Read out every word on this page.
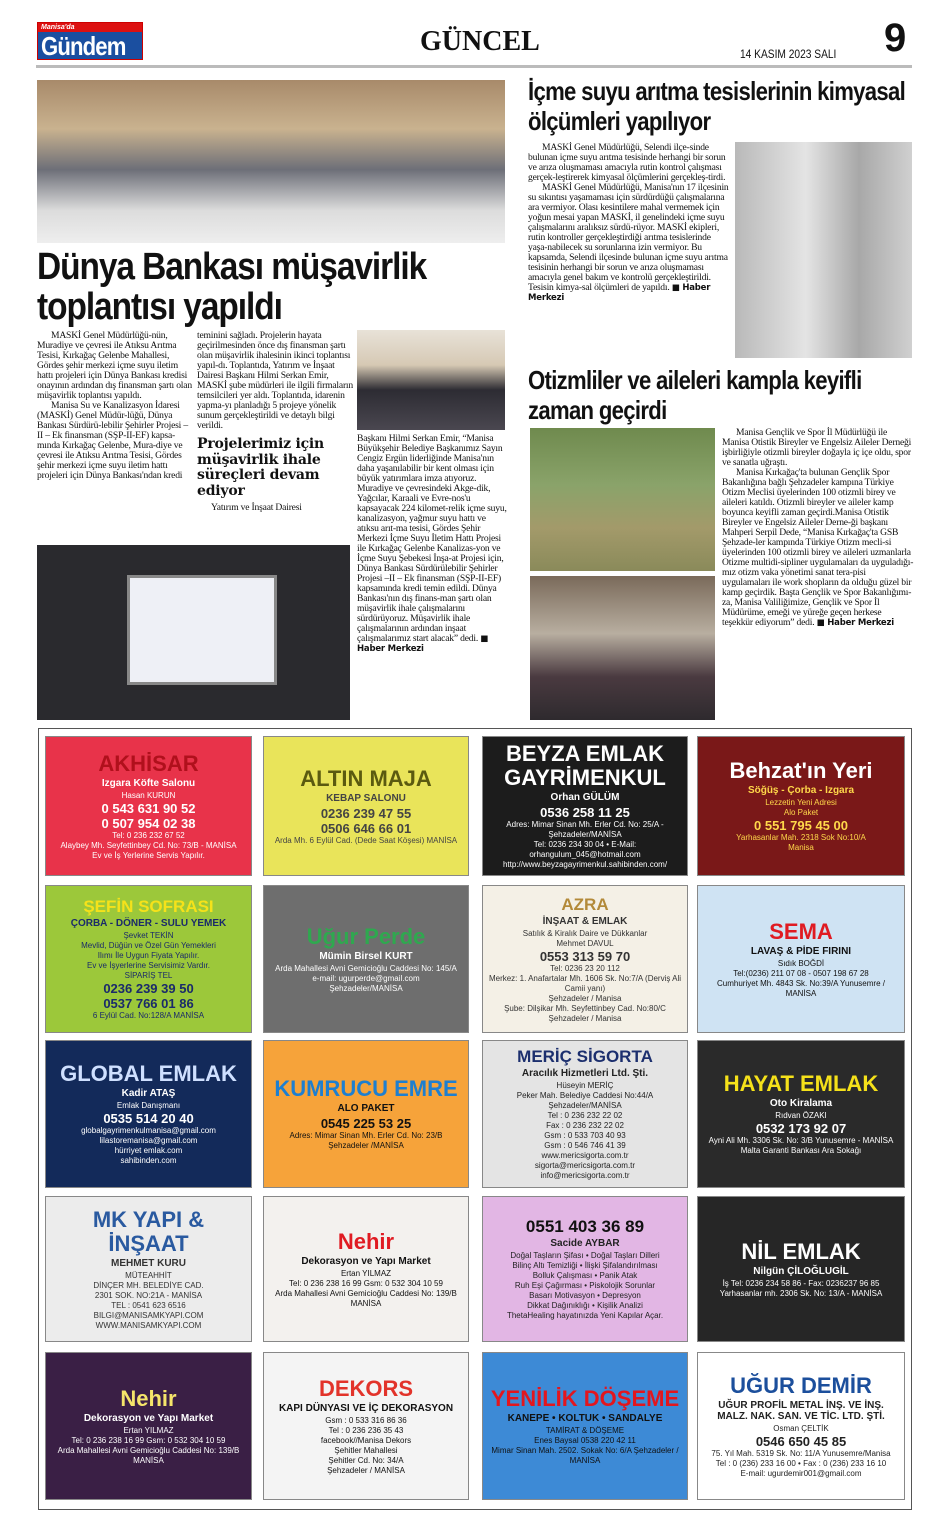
Manisa'da
Gündem	GÜNCEL	14 KASIM 2023 SALI 9
Dünya Bankası müşavirlik toplantısı yapıldı

MASKİ Genel Müdürlüğü-nün, Muradiye ve çevresi ile Atıksu Arıtma Tesisi, Kırkağaç Gelenbe Mahallesi, Gördes şehir merkezi içme suyu iletim hattı projeleri için Dünya Bankası kredisi onayının ardından dış finansman şartı olan müşavirlik toplantısı yapıldı.

Manisa Su ve Kanalizasyon İdaresi (MASKİ) Genel Müdür-lüğü, Dünya Bankası Sürdürü-lebilir Şehirler Projesi –II – Ek finansman (SŞP-II-EF) kapsa-mında Kırkağaç Gelenbe, Mura-diye ve çevresi ile Atıksu Arıtma Tesisi, Gördes şehir merkezi içme suyu iletim hattı projeleri için Dünya Bankası'ndan kredi

teminini sağladı. Projelerin hayata geçirilmesinden önce dış finansman şartı olan müşavirlik ihalesinin ikinci toplantısı yapıl-dı. Toplantıda, Yatırım ve İnşaat Dairesi Başkanı Hilmi Serkan Emir, MASKİ şube müdürleri ile ilgili firmaların temsilcileri yer aldı. Toplantıda, idarenin yapma-yı planladığı 5 projeye yönelik sunum gerçekleştirildi ve detaylı bilgi verildi.

Projelerimiz için müşavirlik ihale süreçleri devam ediyor

Yatırım ve İnşaat Dairesi

Başkanı Hilmi Serkan Emir, “Manisa Büyükşehir Belediye Başkanımız Sayın Cengiz Ergün liderliğinde Manisa'nın daha yaşanılabilir bir kent olması için büyük yatırımlara imza atıyoruz. Muradiye ve çevresindeki Akge-dik, Yağcılar, Karaali ve Evre-nos'u kapsayacak 224 kilomet-relik içme suyu, kanalizasyon, yağmur suyu hattı ve atıksu arıt-ma tesisi, Gördes Şehir Merkezi İçme Suyu İletim Hattı Projesi ile Kırkağaç Gelenbe Kanalizas-yon ve İçme Suyu Şebekesi İnşa-at Projesi için, Dünya Bankası Sürdürülebilir Şehirler Projesi –II – Ek finansman (SŞP-II-EF) kapsamında kredi temin edildi. Dünya Bankası'nın dış finans-man şartı olan müşavirlik ihale çalışmalarını sürdürüyoruz. Müşavirlik ihale çalışmalarının ardından inşaat çalışmalarımız start alacak” dedi. ■ Haber Merkezi

İçme suyu arıtma tesislerinin kimyasal ölçümleri yapılıyor

MASKİ Genel Müdürlüğü, Selendi ilçe-sinde bulunan içme suyu arıtma tesisinde herhangi bir sorun ve arıza oluşmaması amacıyla rutin kontrol çalışması gerçek-leştirerek kimyasal ölçümlerini gerçekleş-tirdi.

MASKİ Genel Müdürlüğü, Manisa'nın 17 ilçesinin su sıkıntısı yaşamaması için sürdürdüğü çalışmalarına ara vermiyor. Olası kesintilere mahal vermemek için yoğun mesai yapan MASKİ, il genelindeki içme suyu çalışmalarını aralıksız sürdü-rüyor. MASKİ ekipleri, rutin kontroller gerçekleştirdiği arıtma tesislerinde yaşa-nabilecek su sorunlarına izin vermiyor. Bu kapsamda, Selendi ilçesinde bulunan içme suyu arıtma tesisinin herhangi bir sorun ve arıza oluşmaması amacıyla genel bakım ve kontrolü gerçekleştirildi. Tesisin kimya-sal ölçümleri de yapıldı. ■ Haber Merkezi

Otizmliler ve aileleri kampla keyifli zaman geçirdi

Manisa Gençlik ve Spor İl Müdürlüğü ile Manisa Otistik Bireyler ve Engelsiz Aileler Derneği işbirliğiyle otizmli bireyler doğayla iç içe oldu, spor ve sanatla uğraştı.

Manisa Kırkağaç'ta bulunan Gençlik Spor Bakanlığına bağlı Şehzadeler kampına Türkiye Otizm Meclisi üyelerinden 100 otizmli birey ve aileleri katıldı. Otizmli bireyler ve aileler kamp boyunca keyifli zaman geçirdi.Manisa Otistik Bireyler ve Engelsiz Aileler Derne-ği başkanı Mahperi Serpil Dede, “Manisa Kırkağaç'ta GSB Şehzade-ler kampında Türkiye Otizm mecli-si üyelerinden 100 otizmli birey ve aileleri uzmanlarla Otizme multidi-sipliner uygulamaları da uyguladığı-mız otizm vaka yönetimi sanat tera-pisi uygulamaları ile work shopların da olduğu güzel bir kamp geçirdik. Başta Gençlik ve Spor Bakanlığımı-za, Manisa Valiliğimize, Gençlik ve Spor İl Müdürüme, emeği ve yüreğe geçen herkese teşekkür ediyorum” dedi. ■ Haber Merkezi

AKHİSAR
Izgara Köfte Salonu
Hasan KURUN
0 543 631 90 52
0 507 954 02 38
Tel: 0 236 232 67 52
Alaybey Mh. Seyfettinbey Cd. No: 73/B - MANİSA
Ev ve İş Yerlerine Servis Yapılır.
ALTIN MAJA
KEBAP SALONU
0236 239 47 55
0506 646 66 01
Arda Mh. 6 Eylül Cad. (Dede Saat Köşesi) MANİSA
BEYZA EMLAK GAYRİMENKUL
Orhan GÜLÜM
0536 258 11 25
Adres: Mimar Sinan Mh. Erler Cd. No: 25/A - Şehzadeler/MANİSA
Tel: 0236 234 30 04 • E-Mail: orhangulum_045@hotmail.com
http://www.beyzagayrimenkul.sahibinden.com/
Behzat'ın Yeri
Söğüş - Çorba - Izgara
Lezzetin Yeni Adresi
Alo Paket
0 551 795 45 00
Yarhasanlar Mah. 2318 Sok No:10/A
Manisa
ŞEFİN SOFRASI
ÇORBA - DÖNER - SULU YEMEK
Şevket TEKİN
Mevlid, Düğün ve Özel Gün Yemekleri
Ilımı İle Uygun Fiyata Yapılır.
Ev ve İşyerlerine Servisimiz Vardır.
SİPARİŞ TEL
0236 239 39 50
0537 766 01 86
6 Eylül Cad. No:128/A MANİSA
Uğur Perde
Mümin Birsel KURT
Arda Mahallesi Avni Gemicioğlu Caddesi No: 145/A
e-mail: ugurperde@gmail.com
Şehzadeler/MANİSA
AZRA
İNŞAAT & EMLAK
Satılık & Kiralık Daire ve Dükkanlar
Mehmet DAVUL
0553 313 59 70
Tel: 0236 23 20 112
Merkez: 1. Anafartalar Mh. 1606 Sk. No:7/A (Derviş Ali Camii yanı)
Şehzadeler / Manisa
Şube: Dilşikar Mh. Seyfettinbey Cad. No:80/C Şehzadeler / Manisa
SEMA
LAVAŞ & PİDE FIRINI
Sıdık BOĞDİ
Tel:(0236) 211 07 08 - 0507 198 67 28
Cumhuriyet Mh. 4843 Sk. No:39/A Yunusemre / MANİSA
GLOBAL EMLAK
Kadir ATAŞ
Emlak Danışmanı
0535 514 20 40
globalgayrimenkulmanisa@gmail.com
lilastoremanisa@gmail.com
hürriyet emlak.com
sahibinden.com
KUMRUCU EMRE
ALO PAKET
0545 225 53 25
Adres: Mimar Sinan Mh. Erler Cd. No: 23/B
Şehzadeler /MANİSA
MERİÇ SİGORTA
Aracılık Hizmetleri Ltd. Şti.
Hüseyin MERİÇ
Peker Mah. Belediye Caddesi No:44/A Şehzadeler/MANİSA
Tel : 0 236 232 22 02
Fax : 0 236 232 22 02
Gsm : 0 533 703 40 93
Gsm : 0 546 746 41 39
www.mericsigorta.com.tr
sigorta@mericsigorta.com.tr
info@mericsigorta.com.tr
HAYAT EMLAK
Oto Kiralama
Rıdvan ÖZAKI
0532 173 92 07
Ayni Ali Mh. 3306 Sk. No: 3/B Yunusemre - MANİSA
Malta Garanti Bankası Ara Sokağı
MK YAPI & İNŞAAT
MEHMET KURU
MÜTEAHHİT
DİNÇER MH. BELEDİYE CAD.
2301 SOK. NO:21A - MANİSA
TEL : 0541 623 6516
BILGI@MANISAMKYAPI.COM
WWW.MANISAMKYAPI.COM
Nehir
Dekorasyon ve Yapı Market
Ertan YILMAZ
Tel: 0 236 238 16 99 Gsm: 0 532 304 10 59
Arda Mahallesi Avni Gemicioğlu Caddesi No: 139/B MANİSA
0551 403 36 89
Sacide AYBAR
Doğal Taşların Şifası • Doğal Taşları Dilleri
Bilinç Altı Temizliği • İlişki Şifalandırılması
Bolluk Çalışması • Panik Atak
Ruh Eşi Çağırması • Piskolojik Sorunlar
Basarı Motivasyon • Depresyon
Dikkat Dağınıklığı • Kişilik Analizi
ThetaHealing hayatınızda Yeni Kapılar Açar.
NİL EMLAK
Nilgün ÇİLOĞLUGİL
İş Tel: 0236 234 58 86 - Fax: 0236237 96 85
Yarhasanlar mh. 2306 Sk. No: 13/A - MANİSA
Nehir
Dekorasyon ve Yapı Market
Ertan YILMAZ
Tel: 0 236 238 16 99 Gsm: 0 532 304 10 59
Arda Mahallesi Avni Gemicioğlu Caddesi No: 139/B MANİSA
DEKORS
KAPI DÜNYASI VE İÇ DEKORASYON
Gsm : 0 533 316 86 36
Tel : 0 236 236 35 43
facebook//Manisa Dekors
Şehitler Mahallesi
Şehitler Cd. No: 34/A
Şehzadeler / MANİSA
YENİLİK DÖŞEME
KANEPE • KOLTUK • SANDALYE
TAMİRAT & DÖŞEME
Enes Baysal 0538 220 42 11
Mimar Sinan Mah. 2502. Sokak No: 6/A Şehzadeler / MANİSA
UĞUR DEMİR
UĞUR PROFİL METAL İNŞ. VE İNŞ. MALZ. NAK. SAN. VE TİC. LTD. ŞTİ.
Osman ÇELTİK
0546 650 45 85
75. Yıl Mah. 5319 Sk. No: 11/A Yunusemre/Manisa
Tel : 0 (236) 233 16 00 • Fax : 0 (236) 233 16 10
E-mail: ugurdemir001@gmail.com
